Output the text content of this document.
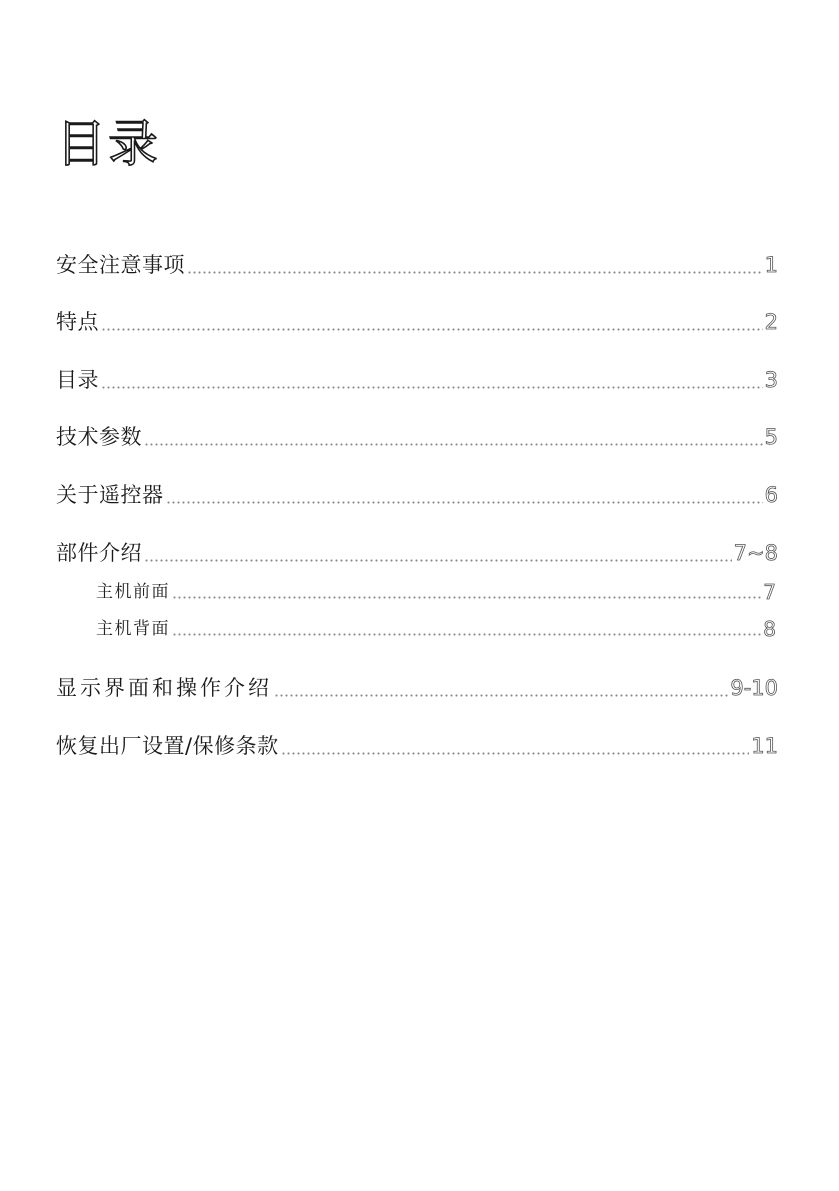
目录
安全注意事项	1
特点	2
目录	3
技术参数	5
关于遥控器	6
部件介绍	7~8
主机前面	7
主机背面	8
显示界面和操作介绍	9-10
恢复出厂设置/保修条款	11
